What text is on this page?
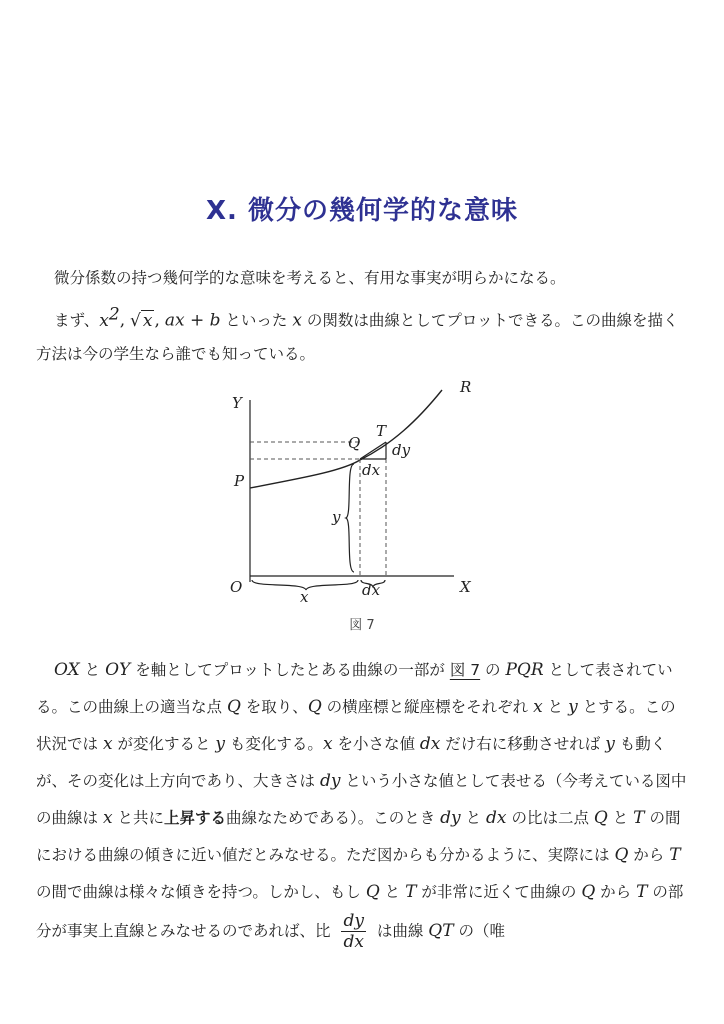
X. 微分の幾何学的な意味
微分係数の持つ幾何学的な意味を考えると、有用な事実が明らかになる。
まず、$x^2$, √ x , ax + b といった x の関数は曲線としてプロットできる。この曲線を描く方法は今の学生なら誰でも知っている。
Y
R
T
Q dy
dx
P
y
O	X
x	dx
図 7
OX と OY を軸としてプロットしたとある曲線の一部が 図 7 の PQR として表されている。この曲線上の適当な点 Q を取り、Q の横座標と縦座標をそれぞれ x と y とする。この状況では x が変化すると y も変化する。x を小さな値 dx だけ右に移動させれば y も動くが、その変化は上方向であり、大きさは dy という小さな値として表せる（今考えている図中の曲線は x と共に上昇する曲線なためである）。このとき dy と dx の比は二点 Q と T の間における曲線の傾きに近い値だとみなせる。ただ図からも分かるように、実際には Q から T の間で曲線は様々な傾きを持つ。しかし、もし Q と T が非常に近くて曲線の Q から T の部分が事実上直線とみなせるのであれば、比 $\frac{dy}{dx}$ は曲線 QT の（唯
